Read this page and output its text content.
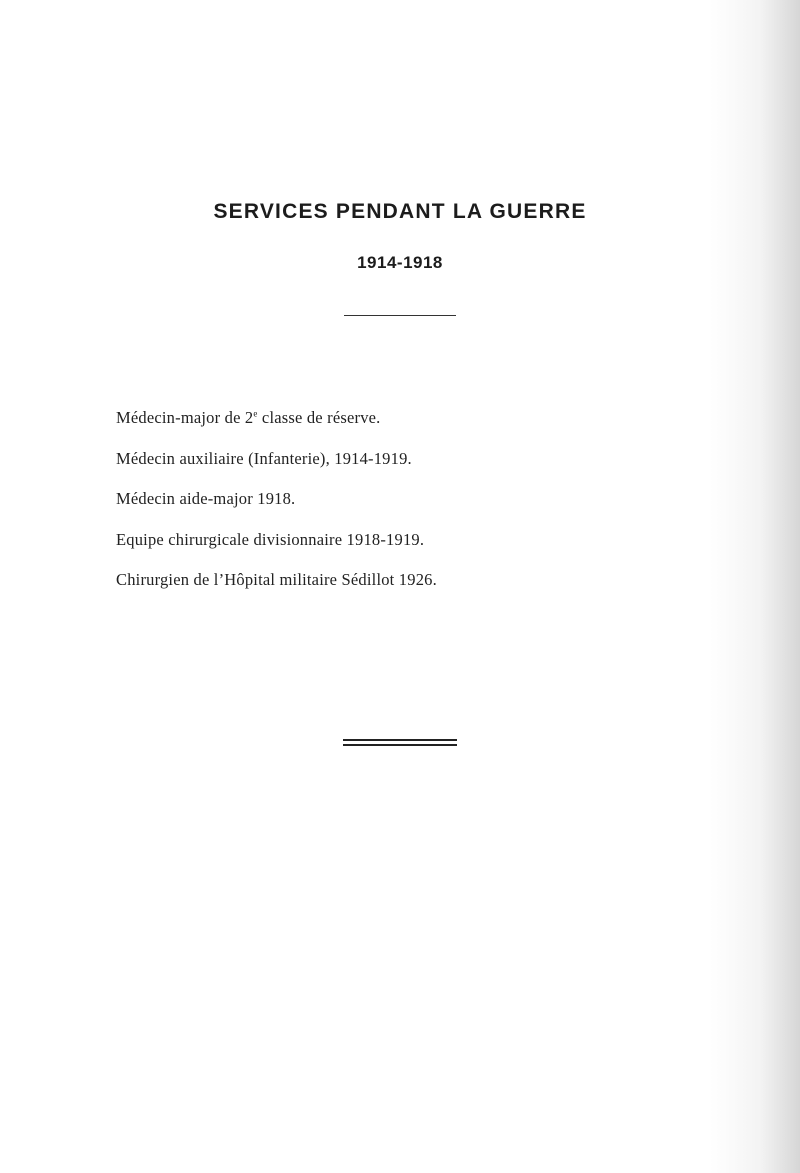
SERVICES PENDANT LA GUERRE
1914-1918
Médecin-major de 2e classe de réserve.
Médecin auxiliaire (Infanterie), 1914-1919.
Médecin aide-major 1918.
Equipe chirurgicale divisionnaire 1918-1919.
Chirurgien de l’Hôpital militaire Sédillot 1926.
